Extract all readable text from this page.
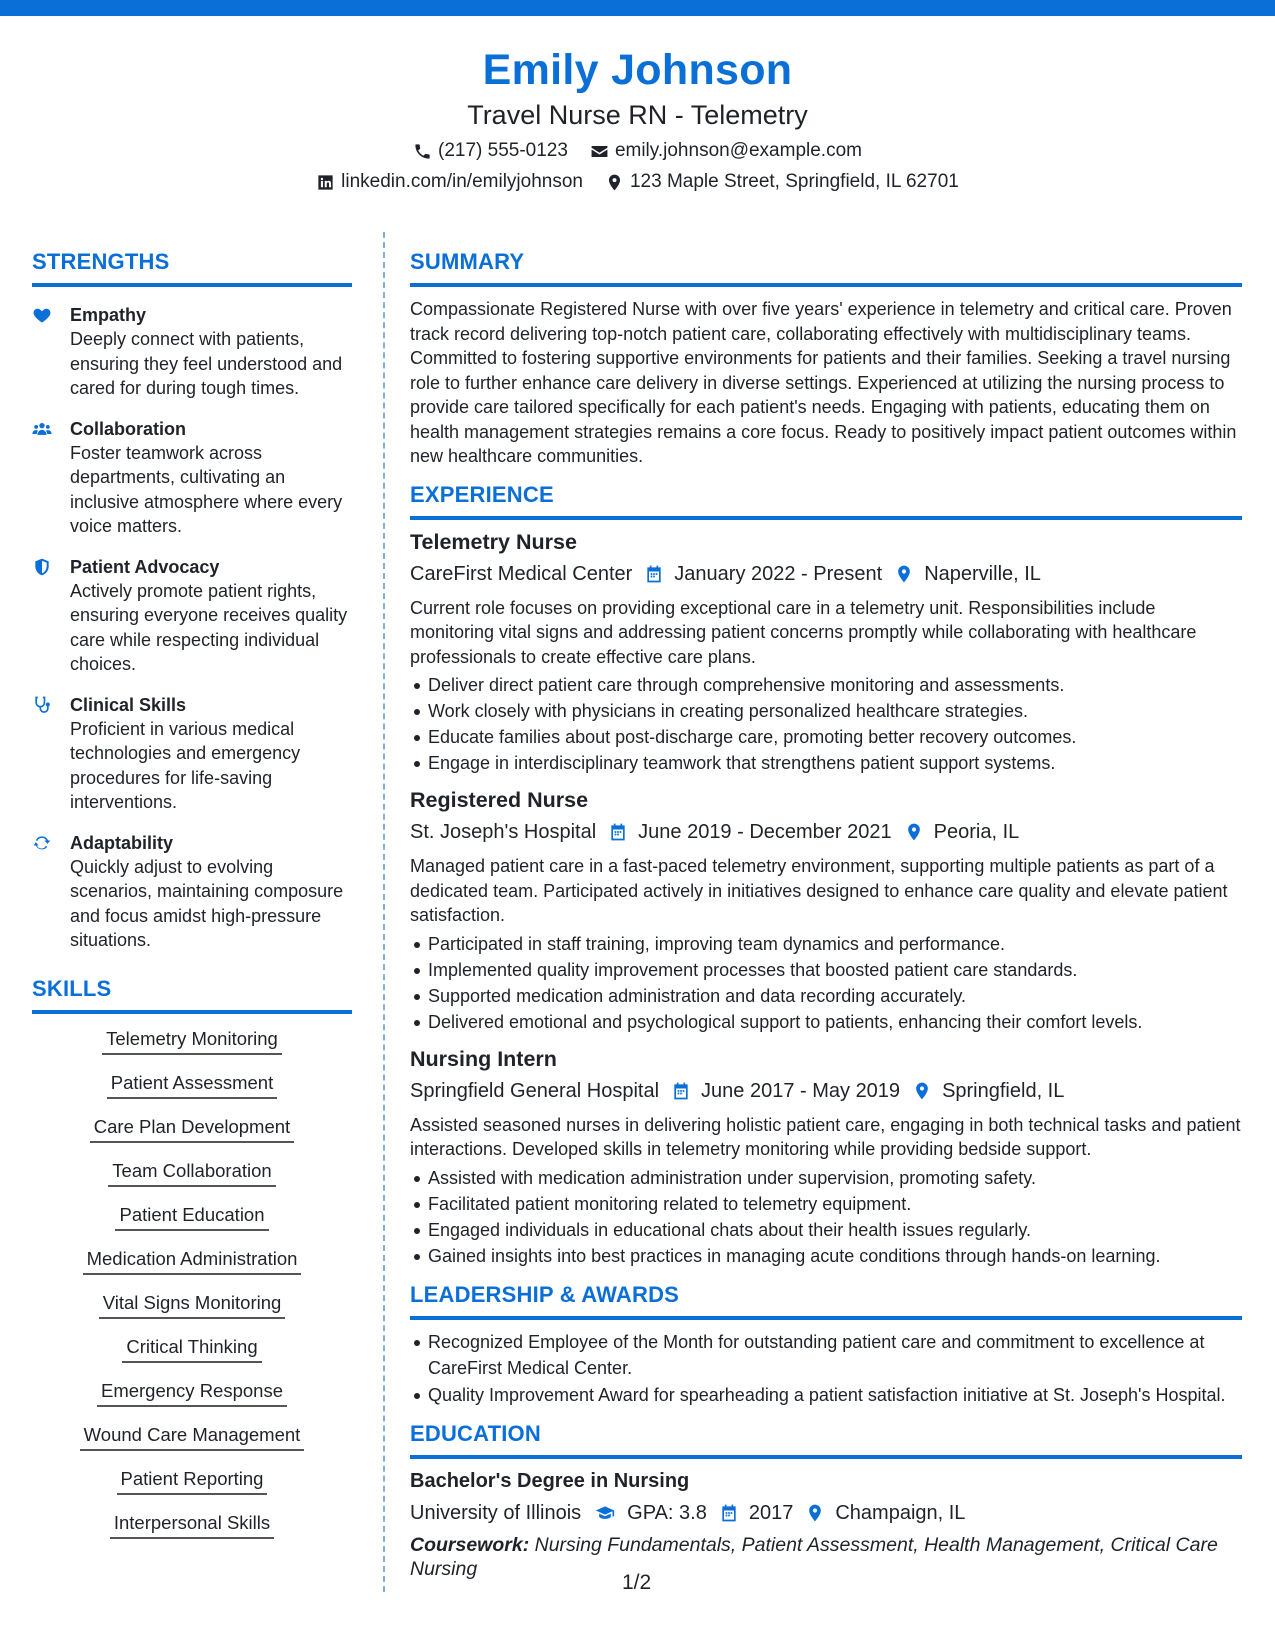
Emily Johnson
Travel Nurse RN - Telemetry
(217) 555-0123 emily.johnson@example.com
linkedin.com/in/emilyjohnson 123 Maple Street, Springfield, IL 62701
STRENGTHS
Empathy
Deeply connect with patients, ensuring they feel understood and cared for during tough times.
Collaboration
Foster teamwork across departments, cultivating an inclusive atmosphere where every voice matters.
Patient Advocacy
Actively promote patient rights, ensuring everyone receives quality care while respecting individual choices.
Clinical Skills
Proficient in various medical technologies and emergency procedures for life-saving interventions.
Adaptability
Quickly adjust to evolving scenarios, maintaining composure and focus amidst high-pressure situations.
SKILLS
Telemetry Monitoring
Patient Assessment
Care Plan Development
Team Collaboration
Patient Education
Medication Administration
Vital Signs Monitoring
Critical Thinking
Emergency Response
Wound Care Management
Patient Reporting
Interpersonal Skills
SUMMARY

Compassionate Registered Nurse with over five years' experience in telemetry and critical care. Proven track record delivering top-notch patient care, collaborating effectively with multidisciplinary teams. Committed to fostering supportive environments for patients and their families. Seeking a travel nursing role to further enhance care delivery in diverse settings. Experienced at utilizing the nursing process to provide care tailored specifically for each patient's needs. Engaging with patients, educating them on health management strategies remains a core focus. Ready to positively impact patient outcomes within new healthcare communities.

EXPERIENCE
Telemetry Nurse
CareFirst Medical Center January 2022 - Present Naperville, IL

Current role focuses on providing exceptional care in a telemetry unit. Responsibilities include monitoring vital signs and addressing patient concerns promptly while collaborating with healthcare professionals to create effective care plans.

Deliver direct patient care through comprehensive monitoring and assessments.
Work closely with physicians in creating personalized healthcare strategies.
Educate families about post-discharge care, promoting better recovery outcomes.
Engage in interdisciplinary teamwork that strengthens patient support systems.
Registered Nurse
St. Joseph's Hospital June 2019 - December 2021 Peoria, IL

Managed patient care in a fast-paced telemetry environment, supporting multiple patients as part of a dedicated team. Participated actively in initiatives designed to enhance care quality and elevate patient satisfaction.

Participated in staff training, improving team dynamics and performance.
Implemented quality improvement processes that boosted patient care standards.
Supported medication administration and data recording accurately.
Delivered emotional and psychological support to patients, enhancing their comfort levels.
Nursing Intern
Springfield General Hospital June 2017 - May 2019 Springfield, IL

Assisted seasoned nurses in delivering holistic patient care, engaging in both technical tasks and patient interactions. Developed skills in telemetry monitoring while providing bedside support.

Assisted with medication administration under supervision, promoting safety.
Facilitated patient monitoring related to telemetry equipment.
Engaged individuals in educational chats about their health issues regularly.
Gained insights into best practices in managing acute conditions through hands-on learning.
LEADERSHIP & AWARDS
Recognized Employee of the Month for outstanding patient care and commitment to excellence at CareFirst Medical Center.
Quality Improvement Award for spearheading a patient satisfaction initiative at St. Joseph's Hospital.
EDUCATION
Bachelor's Degree in Nursing
University of Illinois GPA: 3.8 2017 Champaign, IL
Coursework: Nursing Fundamentals, Patient Assessment, Health Management, Critical Care Nursing
1/2
